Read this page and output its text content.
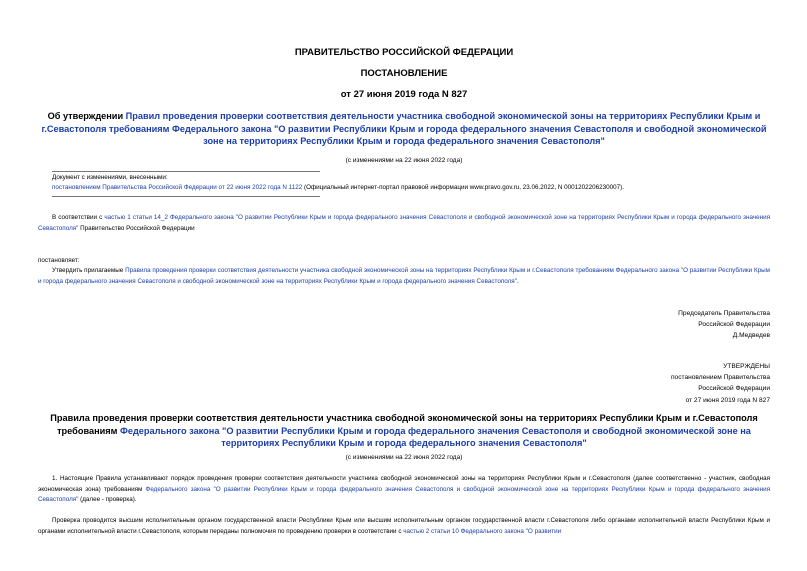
ПРАВИТЕЛЬСТВО РОССИЙСКОЙ ФЕДЕРАЦИИ
ПОСТАНОВЛЕНИЕ
от 27 июня 2019 года N 827
Об утверждении Правил проведения проверки соответствия деятельности участника свободной экономической зоны на территориях Республики Крым и г.Севастополя требованиям Федерального закона "О развитии Республики Крым и города федерального значения Севастополя и свободной экономической зоне на территориях Республики Крым и города федерального значения Севастополя"
(с изменениями на 22 июня 2022 года)
Документ с изменениями, внесенными:
постановлением Правительства Российской Федерации от 22 июня 2022 года N 1122 (Официальный интернет-портал правовой информации www.pravo.gov.ru, 23.06.2022, N 0001202206230007).
В соответствии с частью 1 статьи 14_2 Федерального закона "О развитии Республики Крым и города федерального значения Севастополя и свободной экономической зоне на территориях Республики Крым и города федерального значения Севастополя" Правительство Российской Федерации
постановляет:
Утвердить прилагаемые Правила проведения проверки соответствия деятельности участника свободной экономической зоны на территориях Республики Крым и г.Севастополя требованиям Федерального закона "О развитии Республики Крым и города федерального значения Севастополя и свободной экономической зоне на территориях Республики Крым и города федерального значения Севастополя".
Председатель Правительства
Российской Федерации
Д.Медведев
УТВЕРЖДЕНЫ
постановлением Правительства
Российской Федерации
от 27 июня 2019 года N 827
Правила проведения проверки соответствия деятельности участника свободной экономической зоны на территориях Республики Крым и г.Севастополя требованиям Федерального закона "О развитии Республики Крым и города федерального значения Севастополя и свободной экономической зоне на территориях Республики Крым и города федерального значения Севастополя"
(с изменениями на 22 июня 2022 года)
1. Настоящие Правила устанавливают порядок проведения проверки соответствия деятельности участника свободной экономической зоны на территориях Республики Крым и г.Севастополя (далее соответственно - участник, свободная экономическая зона) требованиям Федерального закона "О развитии Республики Крым и города федерального значения Севастополя и свободной экономической зоне на территориях Республики Крым и города федерального значения Севастополя" (далее - проверка).
Проверка проводится высшим исполнительным органом государственной власти Республики Крым или высшим исполнительным органом государственной власти г.Севастополя либо органами исполнительной власти Республики Крым и органами исполнительной власти г.Севастополя, которым переданы полномочия по проведению проверки в соответствии с частью 2 статьи 10 Федерального закона "О развитии
